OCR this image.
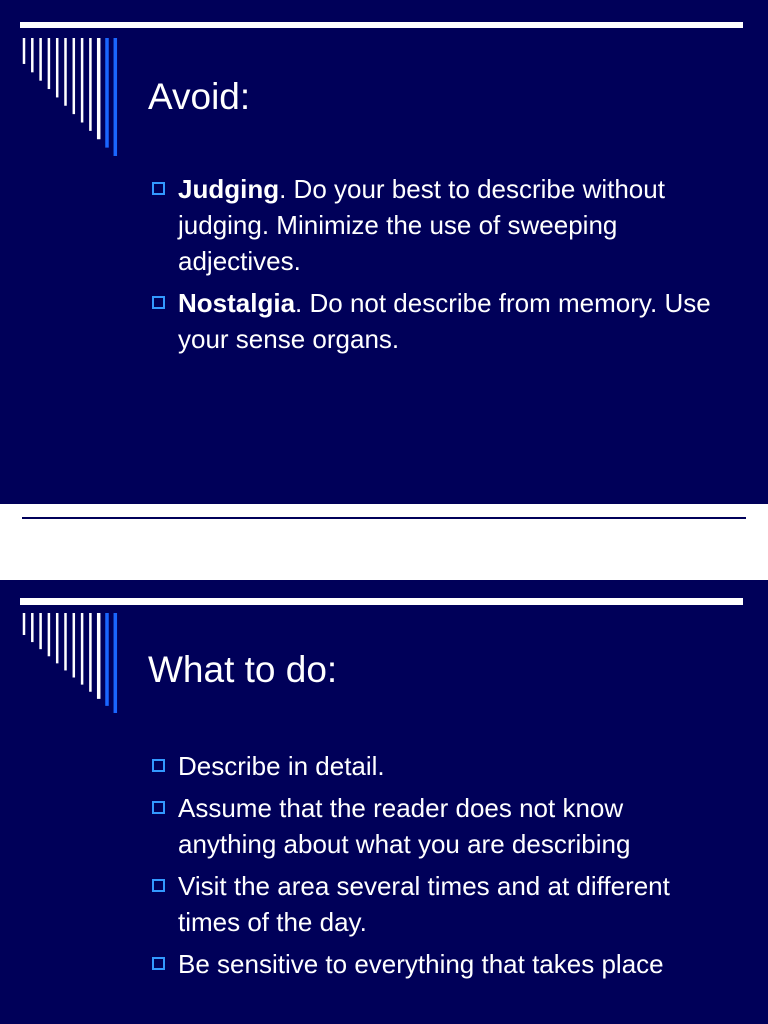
Avoid:
Judging. Do your best to describe without judging. Minimize the use of sweeping adjectives.
Nostalgia. Do not describe from memory. Use your sense organs.
What to do:
Describe in detail.
Assume that the reader does not know anything about what you are describing
Visit the area several times and at different times of the day.
Be sensitive to everything that takes place
